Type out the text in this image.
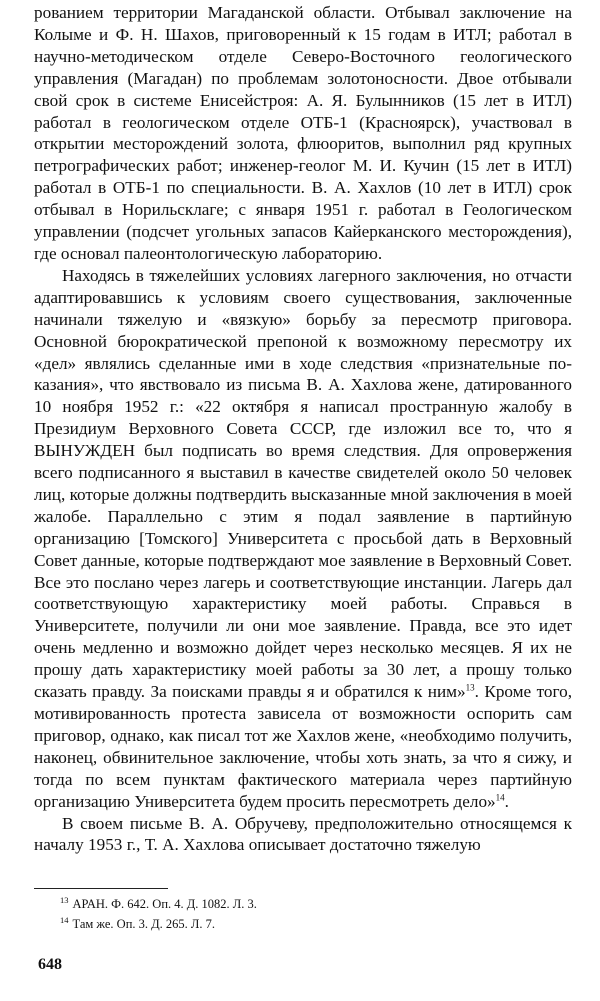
рованием территории Магаданской области. Отбывал заключение на Колыме и Ф. Н. Шахов, приговоренный к 15 годам в ИТЛ; работал в научно-методическом отделе Северо-Восточного геологического управления (Магадан) по проблемам золотоносности. Двое отбывали свой срок в системе Енисейстроя: А. Я. Булынников (15 лет в ИТЛ) работал в геологическом отделе ОТБ-1 (Красноярск), участвовал в открытии месторождений золота, флюоритов, выполнил ряд крупных петрографических работ; инженер-геолог М. И. Кучин (15 лет в ИТЛ) работал в ОТБ-1 по специальности. В. А. Хахлов (10 лет в ИТЛ) срок отбывал в Норильсклаге; с января 1951 г. работал в Геологическом управлении (подсчет угольных запасов Кайерканского месторождения), где основал палеонтологическую лабораторию.

Находясь в тяжелейших условиях лагерного заключения, но отчасти адаптировавшись к условиям своего существования, заключенные начинали тяжелую и «вязкую» борьбу за пересмотр приговора. Основной бюрократической препоной к возможному пересмотру их «дел» являлись сделанные ими в ходе следствия «признательные показания», что явствовало из письма В. А. Хахлова жене, датированного 10 ноября 1952 г.: «22 октября я написал пространную жалобу в Президиум Верховного Совета СССР, где изложил все то, что я ВЫНУЖДЕН был подписать во время следствия. Для опровержения всего подписанного я выставил в качестве свидетелей около 50 человек лиц, которые должны подтвердить высказанные мной заключения в моей жалобе. Параллельно с этим я подал заявление в партийную организацию [Томского] Университета с просьбой дать в Верховный Совет данные, которые подтверждают мое заявление в Верховный Совет. Все это послано через лагерь и соответствующие инстанции. Лагерь дал соответствующую характеристику моей работы. Справься в Университете, получили ли они мое заявление. Правда, все это идет очень медленно и возможно дойдет через несколько месяцев. Я их не прошу дать характеристику моей работы за 30 лет, а прошу только сказать правду. За поисками правды я и обратился к ним»$^{13}$. Кроме того, мотивированность протеста зависела от возможности оспорить сам приговор, однако, как писал тот же Хахлов жене, «необходимо получить, наконец, обвинительное заключение, чтобы хоть знать, за что я сижу, и тогда по всем пунктам фактического материала через партийную организацию Университета будем просить пересмотреть дело»$^{14}$.

В своем письме В. А. Обручеву, предположительно относящемся к началу 1953 г., Т. А. Хахлова описывает достаточно тяжелую

$^{13}$ АРАН. Ф. 642. Оп. 4. Д. 1082. Л. 3.
$^{14}$ Там же. Оп. 3. Д. 265. Л. 7.
648
